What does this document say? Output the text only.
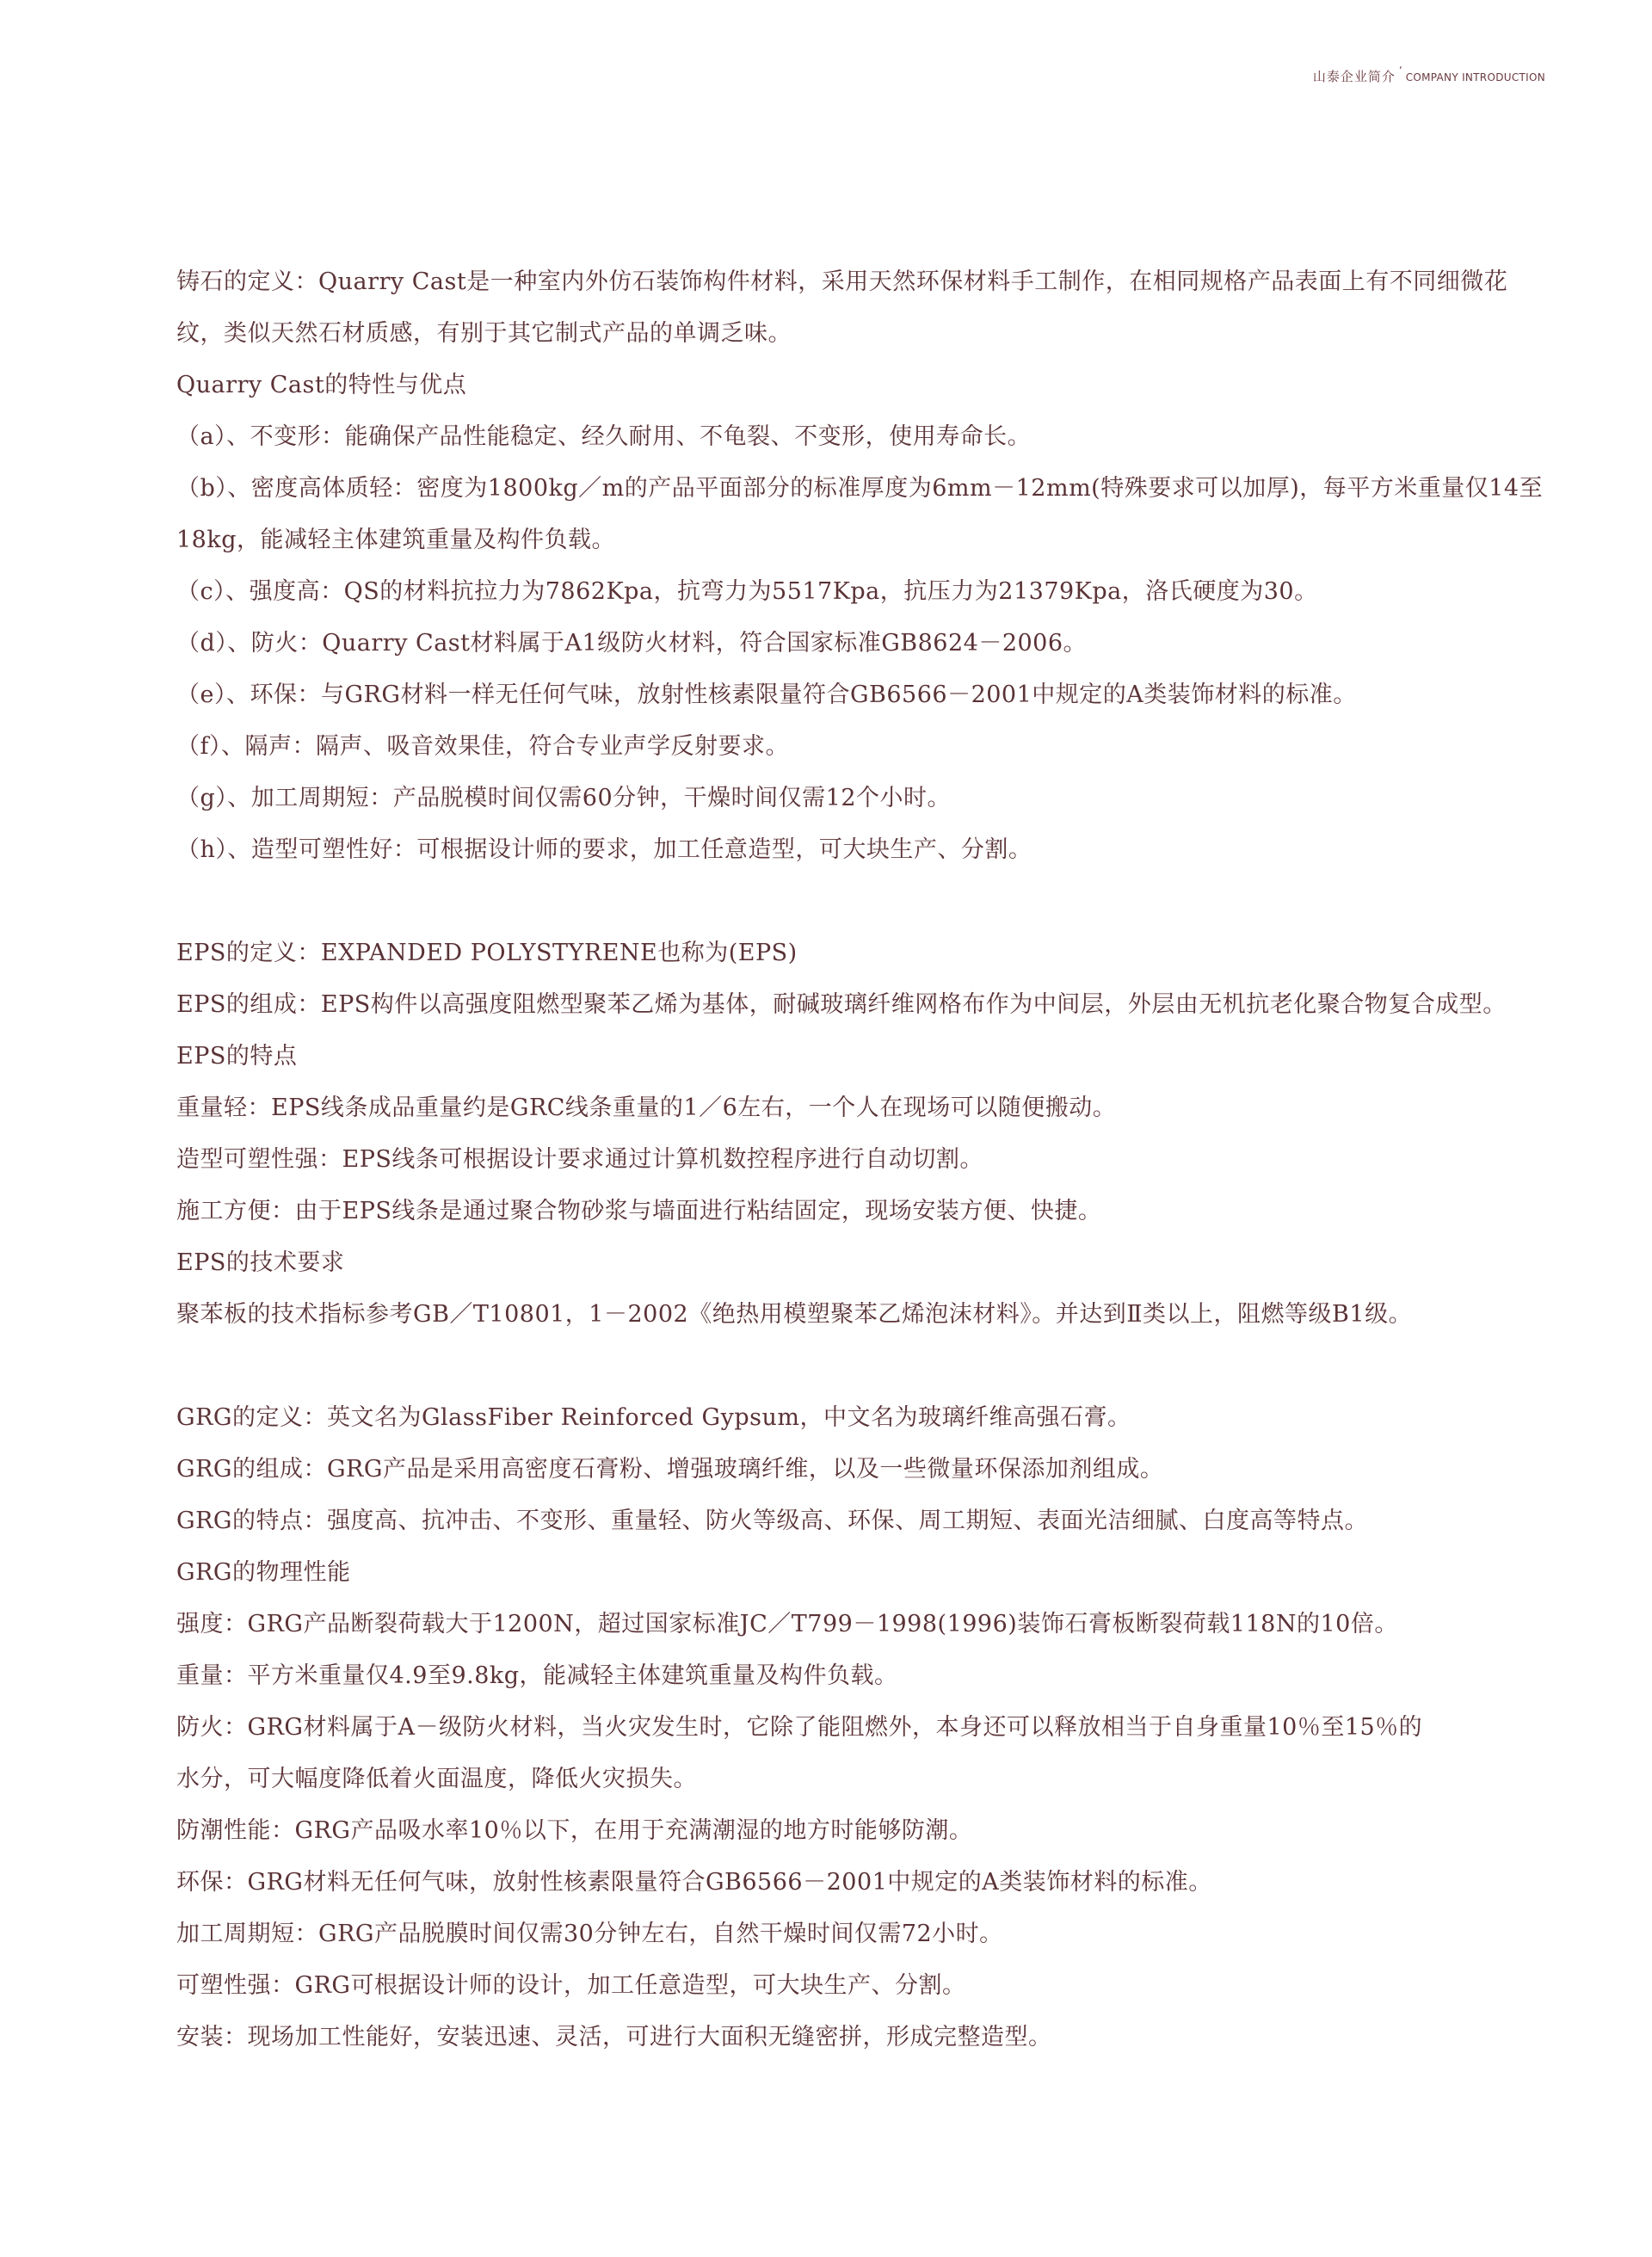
山泰企业简介 ʼ
COMPANY INTRODUCTION
铸石的定义：Quarry Cast是一种室内外仿石装饰构件材料，采用天然环保材料手工制作，在相同规格产品表面上有不同细微花
纹，类似天然石材质感，有别于其它制式产品的单调乏味。
Quarry Cast的特性与优点
（a）、不变形：能确保产品性能稳定、经久耐用、不龟裂、不变形，使用寿命长。
（b）、密度高体质轻：密度为1800kg／m的产品平面部分的标准厚度为6mm－12mm(特殊要求可以加厚)，每平方米重量仅14至
18kg，能减轻主体建筑重量及构件负载。
（c）、强度高：QS的材料抗拉力为7862Kpa，抗弯力为5517Kpa，抗压力为21379Kpa，洛氏硬度为30。
（d）、防火：Quarry Cast材料属于A1级防火材料，符合国家标准GB8624－2006。
（e）、环保：与GRG材料一样无任何气味，放射性核素限量符合GB6566－2001中规定的A类装饰材料的标准。
（f）、隔声：隔声、吸音效果佳，符合专业声学反射要求。
（g）、加工周期短：产品脱模时间仅需60分钟，干燥时间仅需12个小时。
（h）、造型可塑性好：可根据设计师的要求，加工任意造型，可大块生产、分割。
EPS的定义：EXPANDED POLYSTYRENE也称为(EPS)
EPS的组成：EPS构件以高强度阻燃型聚苯乙烯为基体，耐碱玻璃纤维网格布作为中间层，外层由无机抗老化聚合物复合成型。
EPS的特点
重量轻：EPS线条成品重量约是GRC线条重量的1／6左右，一个人在现场可以随便搬动。
造型可塑性强：EPS线条可根据设计要求通过计算机数控程序进行自动切割。
施工方便：由于EPS线条是通过聚合物砂浆与墙面进行粘结固定，现场安装方便、快捷。
EPS的技术要求
聚苯板的技术指标参考GB／T10801，1－2002《绝热用模塑聚苯乙烯泡沫材料》。并达到Ⅱ类以上，阻燃等级B1级。
GRG的定义：英文名为GlassFiber Reinforced Gypsum，中文名为玻璃纤维高强石膏。
GRG的组成：GRG产品是采用高密度石膏粉、增强玻璃纤维，以及一些微量环保添加剂组成。
GRG的特点：强度高、抗冲击、不变形、重量轻、防火等级高、环保、周工期短、表面光洁细腻、白度高等特点。
GRG的物理性能
强度：GRG产品断裂荷载大于1200N，超过国家标准JC／T799－1998(1996)装饰石膏板断裂荷载118N的10倍。
重量：平方米重量仅4.9至9.8kg，能减轻主体建筑重量及构件负载。
防火：GRG材料属于A－级防火材料，当火灾发生时，它除了能阻燃外，本身还可以释放相当于自身重量10％至15％的
水分，可大幅度降低着火面温度，降低火灾损失。
防潮性能：GRG产品吸水率10％以下，在用于充满潮湿的地方时能够防潮。
环保：GRG材料无任何气味，放射性核素限量符合GB6566－2001中规定的A类装饰材料的标准。
加工周期短：GRG产品脱膜时间仅需30分钟左右，自然干燥时间仅需72小时。
可塑性强：GRG可根据设计师的设计，加工任意造型，可大块生产、分割。
安装：现场加工性能好，安装迅速、灵活，可进行大面积无缝密拼，形成完整造型。
